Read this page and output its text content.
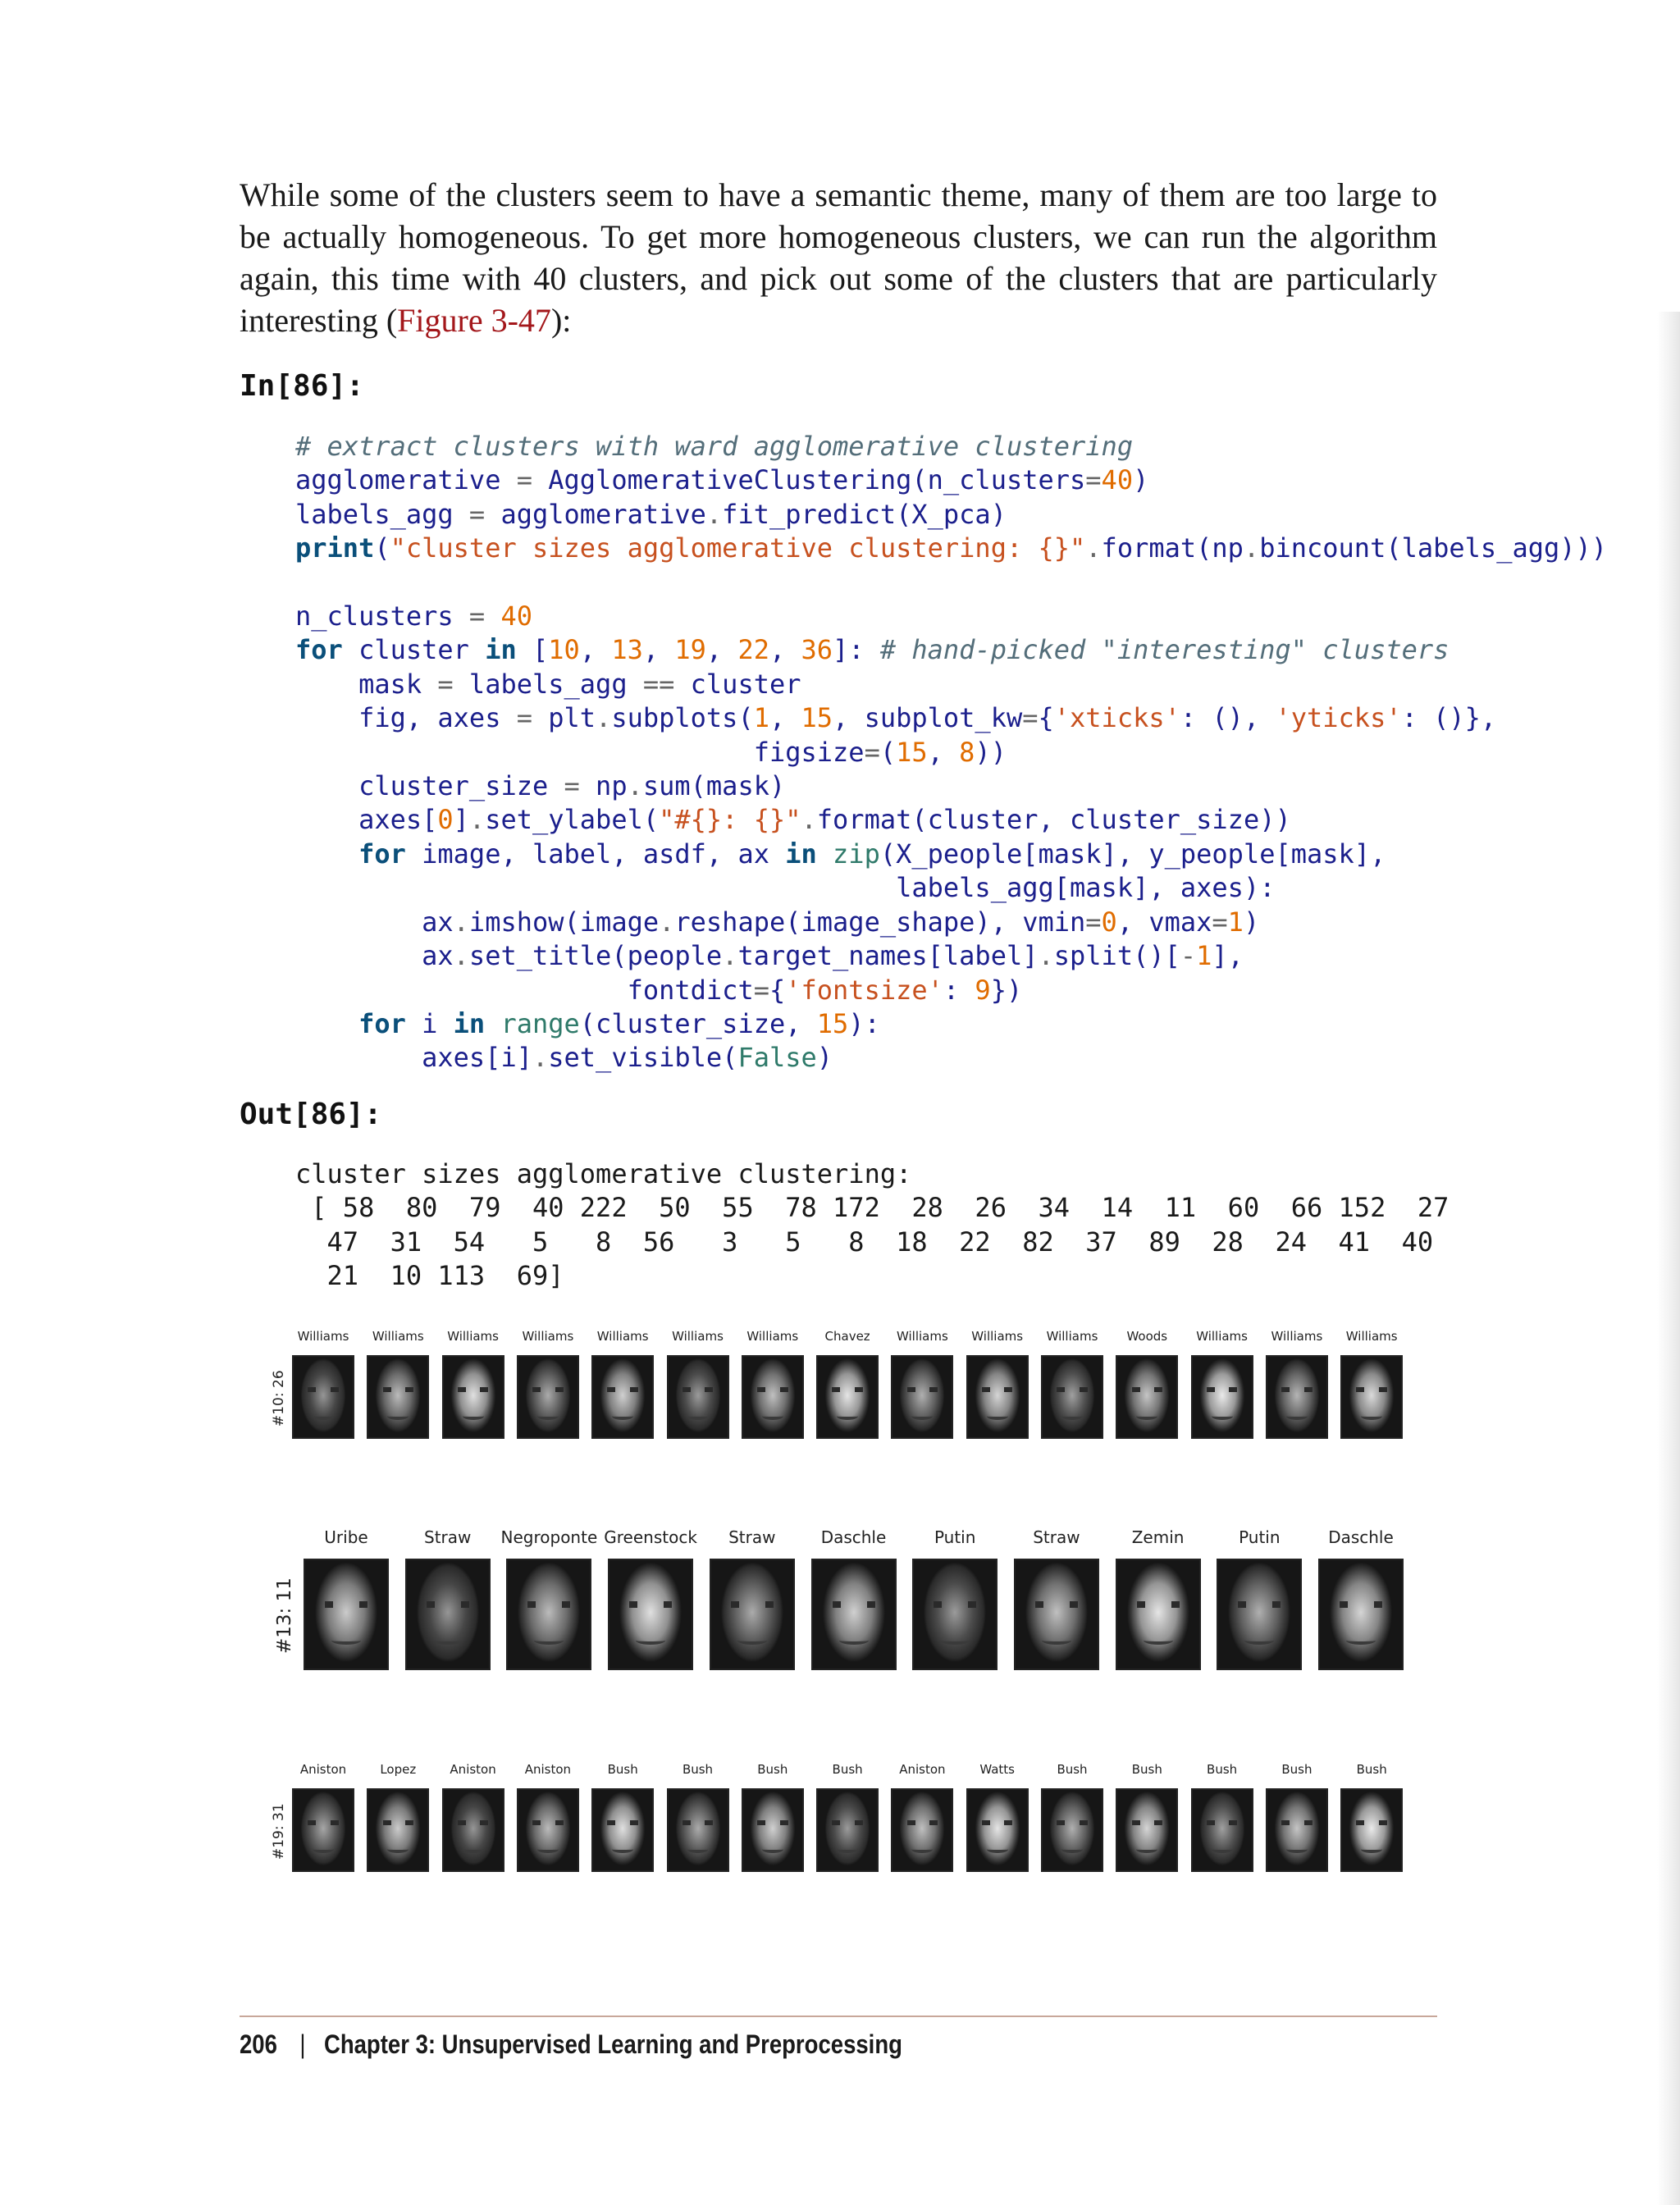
While some of the clusters seem to have a semantic theme, many of them are too large to be actually homogeneous. To get more homogeneous clusters, we can run the algorithm again, this time with 40 clusters, and pick out some of the clusters that are particularly interesting (Figure 3-47):

In[86]:
# extract clusters with ward agglomerative clustering
agglomerative = AgglomerativeClustering(n_clusters=40)
labels_agg = agglomerative.fit_predict(X_pca)
print("cluster sizes agglomerative clustering: {}".format(np.bincount(labels_agg)))

n_clusters = 40
for cluster in [10, 13, 19, 22, 36]: # hand-picked "interesting" clusters
mask = labels_agg == cluster
fig, axes = plt.subplots(1, 15, subplot_kw={'xticks': (), 'yticks': ()},
figsize=(15, 8))
cluster_size = np.sum(mask)
axes[0].set_ylabel("#{}: {}".format(cluster, cluster_size))
for image, label, asdf, ax in zip(X_people[mask], y_people[mask],
labels_agg[mask], axes):
ax.imshow(image.reshape(image_shape), vmin=0, vmax=1)
ax.set_title(people.target_names[label].split()[-1],
fontdict={'fontsize': 9})
for i in range(cluster_size, 15):
axes[i].set_visible(False)
Out[86]:
cluster sizes agglomerative clustering:
[ 58  80  79  40 222  50  55  78 172  28  26  34  14  11  60  66 152  27
47  31  54   5   8  56   3   5   8  18  22  82  37  89  28  24  41  40
21  10 113  69]
#10: 26
Williams	Williams	Williams	Williams	Williams	Williams	Williams	Chavez	Williams	Williams	Williams	Woods	Williams	Williams	Williams
#13: 11
Uribe	Straw	Negroponte Greenstock	Straw	Daschle	Putin	Straw	Zemin	Putin	Daschle
#19: 31
Aniston	Lopez	Aniston	Aniston	Bush	Bush	Bush	Bush	Aniston	Watts	Bush	Bush	Bush	Bush	Bush
206 | Chapter 3: Unsupervised Learning and Preprocessing
